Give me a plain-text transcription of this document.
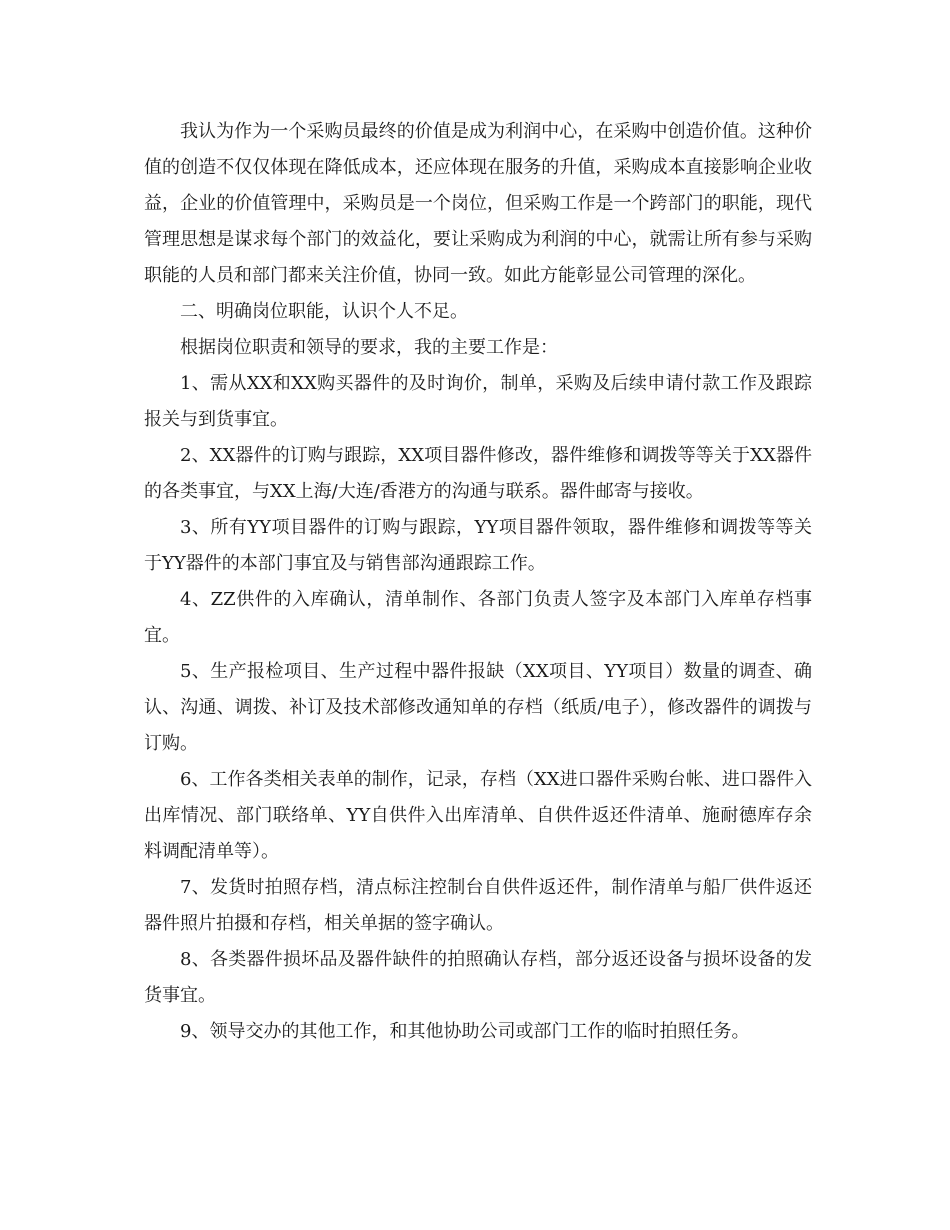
我认为作为一个采购员最终的价值是成为利润中心，在采购中创造价值。这种价值的创造不仅仅体现在降低成本，还应体现在服务的升值，采购成本直接影响企业收益，企业的价值管理中，采购员是一个岗位，但采购工作是一个跨部门的职能，现代管理思想是谋求每个部门的效益化，要让采购成为利润的中心，就需让所有参与采购职能的人员和部门都来关注价值，协同一致。如此方能彰显公司管理的深化。

二、明确岗位职能，认识个人不足。

根据岗位职责和领导的要求，我的主要工作是：

1、需从XX和XX购买器件的及时询价，制单，采购及后续申请付款工作及跟踪报关与到货事宜。

2、XX器件的订购与跟踪，XX项目器件修改，器件维修和调拨等等关于XX器件的各类事宜，与XX上海/大连/香港方的沟通与联系。器件邮寄与接收。

3、所有YY项目器件的订购与跟踪，YY项目器件领取，器件维修和调拨等等关于YY器件的本部门事宜及与销售部沟通跟踪工作。

4、ZZ供件的入库确认，清单制作、各部门负责人签字及本部门入库单存档事宜。

5、生产报检项目、生产过程中器件报缺（XX项目、YY项目）数量的调查、确认、沟通、调拨、补订及技术部修改通知单的存档（纸质/电子），修改器件的调拨与订购。

6、工作各类相关表单的制作，记录，存档（XX进口器件采购台帐、进口器件入出库情况、部门联络单、YY自供件入出库清单、自供件返还件清单、施耐德库存余料调配清单等）。

7、发货时拍照存档，清点标注控制台自供件返还件，制作清单与船厂供件返还器件照片拍摄和存档，相关单据的签字确认。

8、各类器件损坏品及器件缺件的拍照确认存档，部分返还设备与损坏设备的发货事宜。

9、领导交办的其他工作，和其他协助公司或部门工作的临时拍照任务。
